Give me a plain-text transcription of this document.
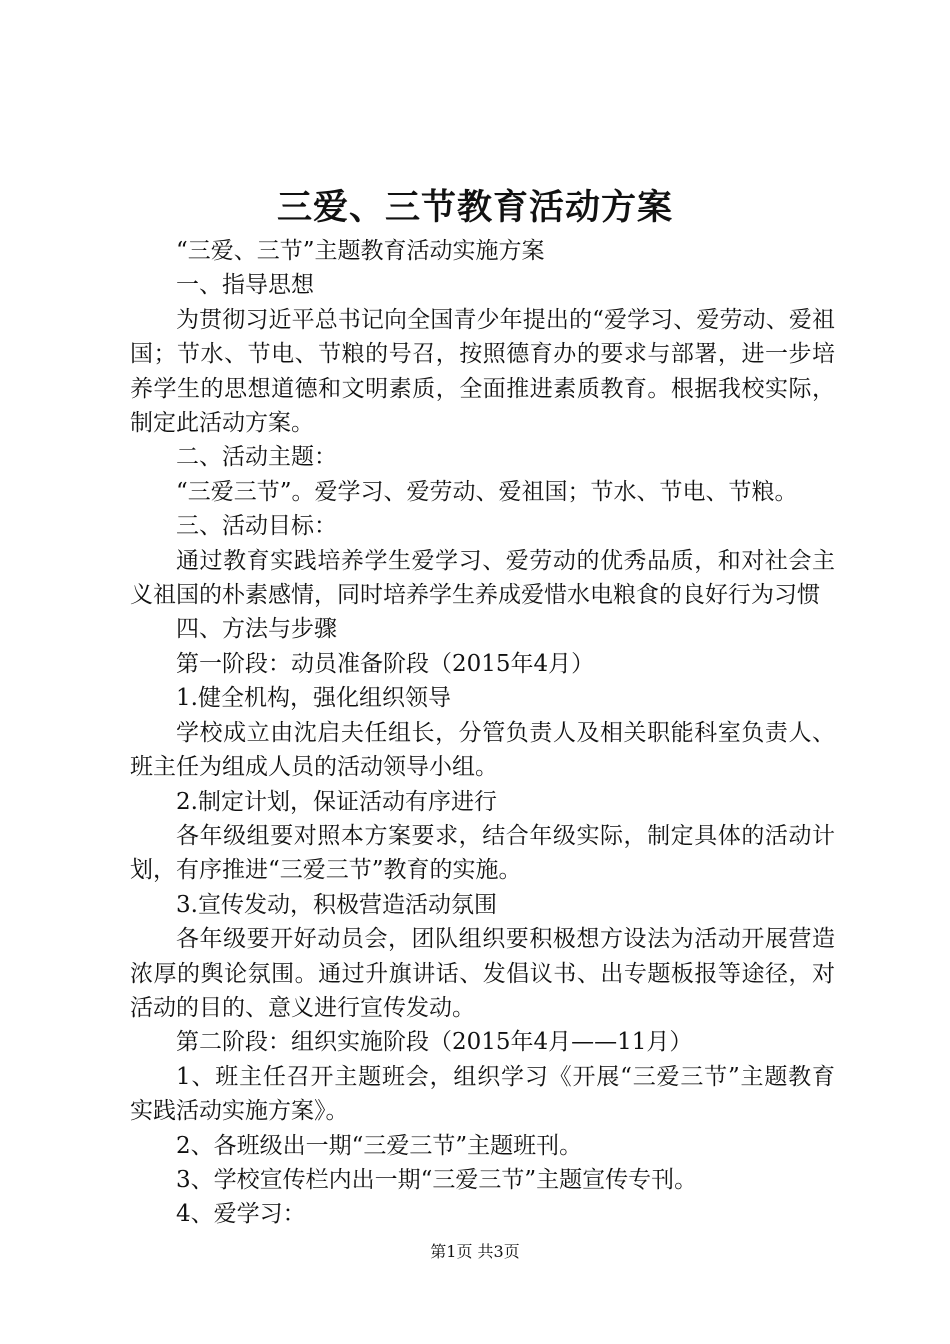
三爱、三节教育活动方案

“三爱、三节”主题教育活动实施方案

一、指导思想

为贯彻习近平总书记向全国青少年提出的“爱学习、爱劳动、爱祖国；节水、节电、节粮的号召，按照德育办的要求与部署，进一步培养学生的思想道德和文明素质，全面推进素质教育。根据我校实际，制定此活动方案。

二、活动主题：

“三爱三节”。爱学习、爱劳动、爱祖国；节水、节电、节粮。

三、活动目标：

通过教育实践培养学生爱学习、爱劳动的优秀品质，和对社会主义祖国的朴素感情，同时培养学生养成爱惜水电粮食的良好行为习惯

四、方法与步骤

第一阶段：动员准备阶段（2015年4月）

1.健全机构，强化组织领导

学校成立由沈启夫任组长，分管负责人及相关职能科室负责人、班主任为组成人员的活动领导小组。

2.制定计划，保证活动有序进行

各年级组要对照本方案要求，结合年级实际，制定具体的活动计划，有序推进“三爱三节”教育的实施。

3.宣传发动，积极营造活动氛围

各年级要开好动员会，团队组织要积极想方设法为活动开展营造浓厚的舆论氛围。通过升旗讲话、发倡议书、出专题板报等途径，对活动的目的、意义进行宣传发动。

第二阶段：组织实施阶段（2015年4月——11月）

1、班主任召开主题班会，组织学习《开展“三爱三节”主题教育实践活动实施方案》。

2、各班级出一期“三爱三节”主题班刊。

3、学校宣传栏内出一期“三爱三节”主题宣传专刊。

4、爱学习：

第1页 共3页
